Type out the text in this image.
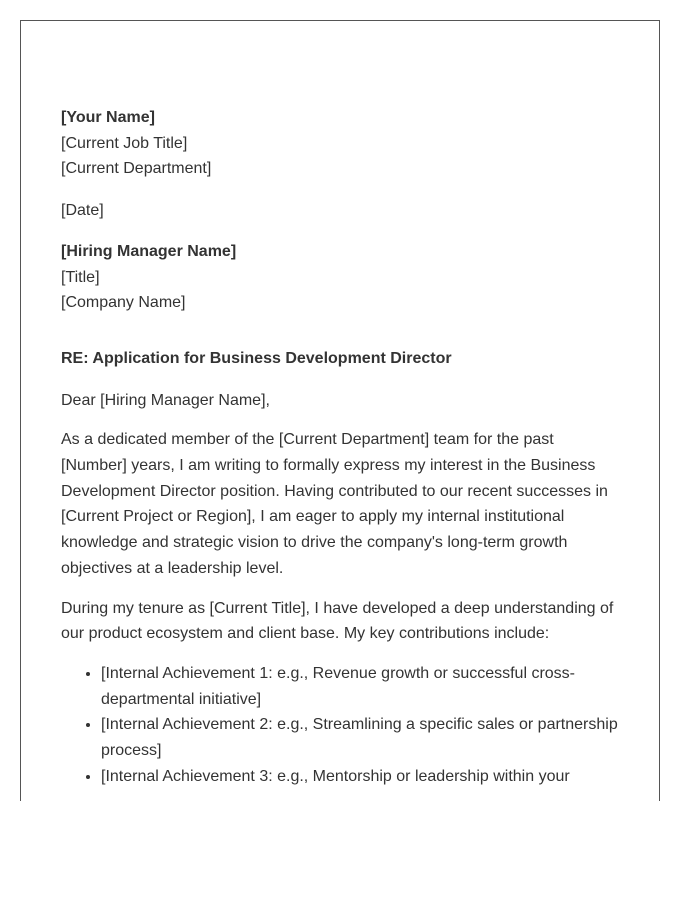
[Your Name]
[Current Job Title]
[Current Department]
[Date]
[Hiring Manager Name]
[Title]
[Company Name]
RE: Application for Business Development Director
Dear [Hiring Manager Name],

As a dedicated member of the [Current Department] team for the past [Number] years, I am writing to formally express my interest in the Business Development Director position. Having contributed to our recent successes in [Current Project or Region], I am eager to apply my internal institutional knowledge and strategic vision to drive the company's long-term growth objectives at a leadership level.

During my tenure as [Current Title], I have developed a deep understanding of our product ecosystem and client base. My key contributions include:

• [Internal Achievement 1: e.g., Revenue growth or successful cross-departmental initiative]
• [Internal Achievement 2: e.g., Streamlining a specific sales or partnership process]
• [Internal Achievement 3: e.g., Mentorship or leadership within your
